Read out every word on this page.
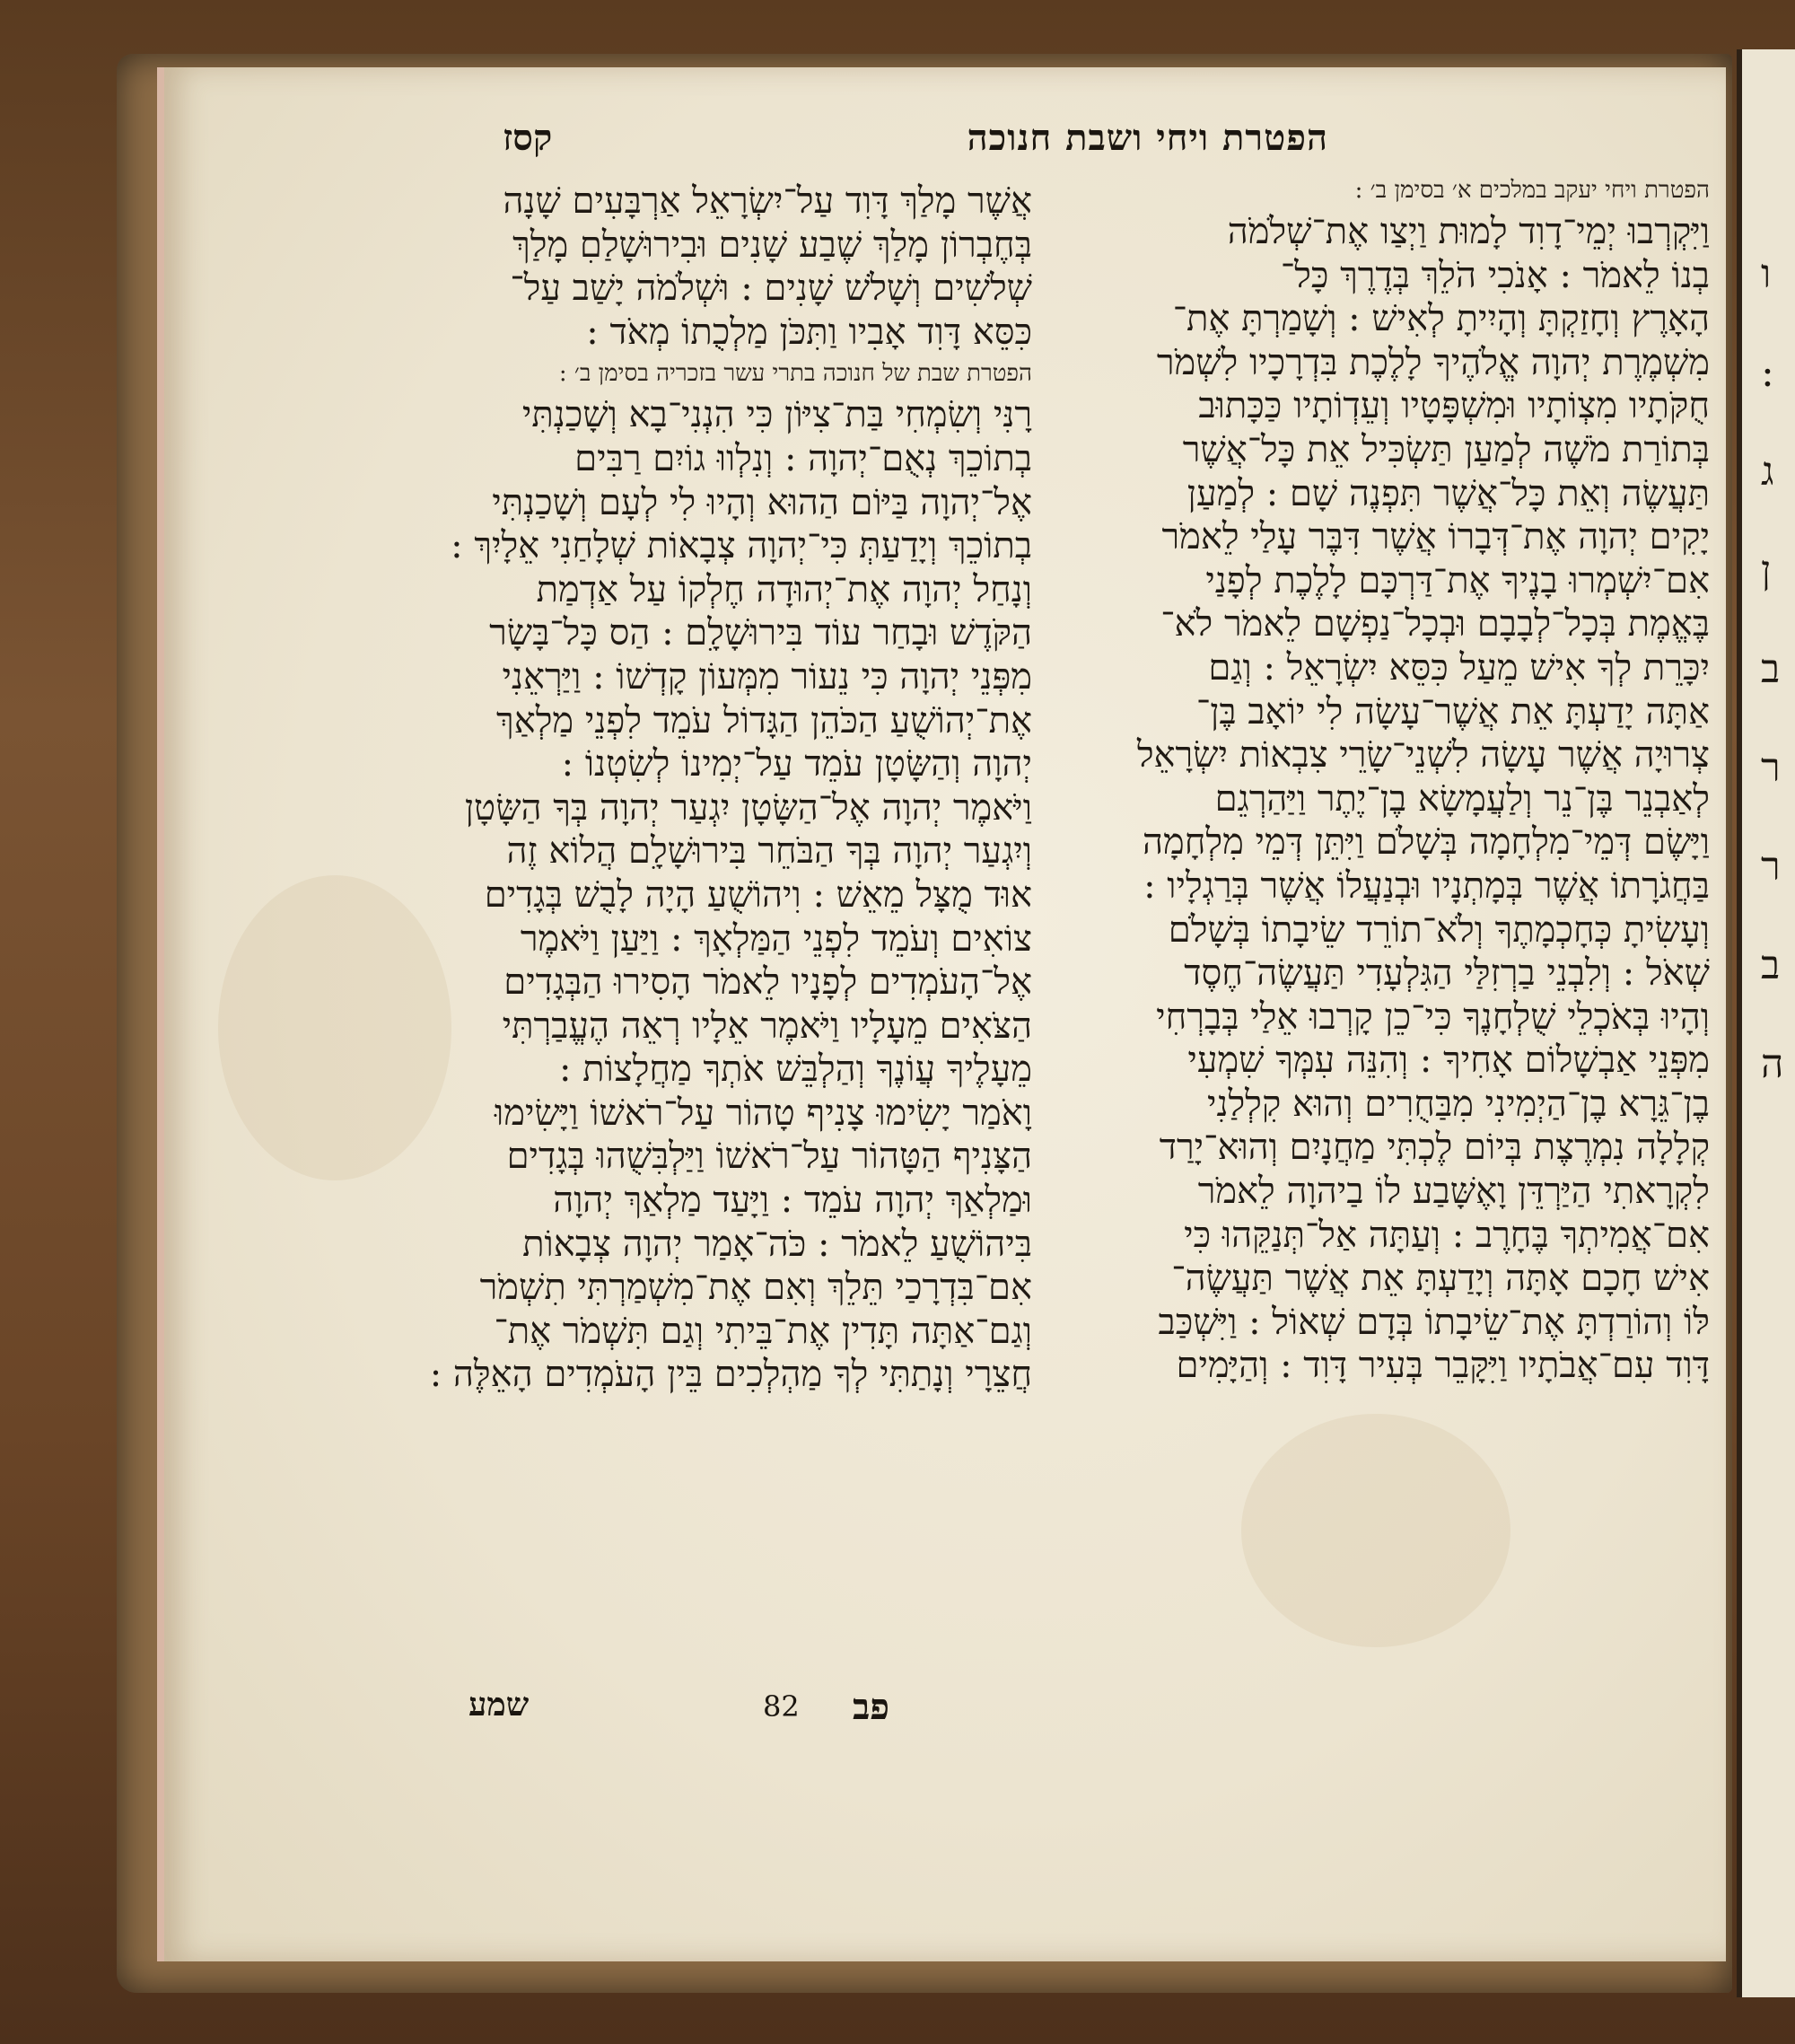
ו
:
ג
ן
ב
ר
ר
ב
ה
הפטרת ויחי ושבת חנוכה
קסז
הפטרת ויחי יעקב במלכים א׳ בסימן ב׳ :
וַיִּקְרְבוּ יְמֵי־דָוִד לָמוּת וַיְצַו אֶת־שְׁלֹמֹה
בְנוֹ לֵאמֹר : אָנֹכִי הֹלֵךְ בְּדֶרֶךְ כָּל־
הָאָרֶץ וְחָזַקְתָּ וְהָיִיתָ לְאִישׁ : וְשָׁמַרְתָּ אֶת־
מִשְׁמֶרֶת יְהוָה אֱלֹהֶיךָ לָלֶכֶת בִּדְרָכָיו לִשְׁמֹר
חֻקֹּתָיו מִצְוֹתָיו וּמִשְׁפָּטָיו וְעֵדְוֹתָיו כַּכָּתוּב
בְּתוֹרַת מֹשֶׁה לְמַעַן תַּשְׂכִּיל אֵת כָּל־אֲשֶׁר
תַּעֲשֶׂה וְאֵת כָּל־אֲשֶׁר תִּפְנֶה שָׁם : לְמַעַן
יָקִים יְהוָה אֶת־דְּבָרוֹ אֲשֶׁר דִּבֶּר עָלַי לֵאמֹר
אִם־יִשְׁמְרוּ בָנֶיךָ אֶת־דַּרְכָּם לָלֶכֶת לְפָנַי
בֶּאֱמֶת בְּכָל־לְבָבָם וּבְכָל־נַפְשָׁם לֵאמֹר לֹא־
יִכָּרֵת לְךָ אִישׁ מֵעַל כִּסֵּא יִשְׂרָאֵל : וְגַם
אַתָּה יָדַעְתָּ אֵת אֲשֶׁר־עָשָׂה לִי יוֹאָב בֶּן־
צְרוּיָה אֲשֶׁר עָשָׂה לִשְׁנֵי־שָׂרֵי צִבְאוֹת יִשְׂרָאֵל
לְאַבְנֵר בֶּן־נֵר וְלַעֲמָשָׂא בֶן־יֶתֶר וַיַּהַרְגֵם
וַיָּשֶׂם דְּמֵי־מִלְחָמָה בְּשָׁלֹם וַיִּתֵּן דְּמֵי מִלְחָמָה
בַּחֲגֹרָתוֹ אֲשֶׁר בְּמָתְנָיו וּבְנַעֲלוֹ אֲשֶׁר בְּרַגְלָיו :
וְעָשִׂיתָ כְּחָכְמָתֶךָ וְלֹא־תוֹרֵד שֵׂיבָתוֹ בְּשָׁלֹם
שְׁאֹל : וְלִבְנֵי בַרְזִלַּי הַגִּלְעָדִי תַּעֲשֶׂה־חֶסֶד
וְהָיוּ בְּאֹכְלֵי שֻׁלְחָנֶךָ כִּי־כֵן קָרְבוּ אֵלַי בְּבָרְחִי
מִפְּנֵי אַבְשָׁלוֹם אָחִיךָ : וְהִנֵּה עִמְּךָ שִׁמְעִי
בֶן־גֵּרָא בֶן־הַיְמִינִי מִבַּחֻרִים וְהוּא קִלְלַנִי
קְלָלָה נִמְרֶצֶת בְּיוֹם לֶכְתִּי מַחֲנָיִם וְהוּא־יָרַד
לִקְרָאתִי הַיַּרְדֵּן וָאֶשָּׁבַע לוֹ בַיהוָה לֵאמֹר
אִם־אֲמִיתְךָ בֶּחָרֶב : וְעַתָּה אַל־תְּנַקֵּהוּ כִּי
אִישׁ חָכָם אָתָּה וְיָדַעְתָּ אֵת אֲשֶׁר תַּעֲשֶׂה־
לּוֹ וְהוֹרַדְתָּ אֶת־שֵׂיבָתוֹ בְּדָם שְׁאוֹל : וַיִּשְׁכַּב
דָּוִד עִם־אֲבֹתָיו וַיִּקָּבֵר בְּעִיר דָּוִד : וְהַיָּמִים
אֲשֶׁר מָלַךְ דָּוִד עַל־יִשְׂרָאֵל אַרְבָּעִים שָׁנָה
בְּחֶבְרוֹן מָלַךְ שֶׁבַע שָׁנִים וּבִירוּשָׁלַםִ מָלַךְ
שְׁלֹשִׁים וְשָׁלֹשׁ שָׁנִים : וּשְׁלֹמֹה יָשַׁב עַל־
כִּסֵּא דָּוִד אָבִיו וַתִּכֹּן מַלְכֻתוֹ מְאֹד :
הפטרת שבת של חנוכה בתרי עשר בזכריה בסימן ב׳ :
רָנִּי וְשִׂמְחִי בַּת־צִיּוֹן כִּי הִנְנִי־בָא וְשָׁכַנְתִּי
בְתוֹכֵךְ נְאֻם־יְהוָה : וְנִלְווּ גוֹיִם רַבִּים
אֶל־יְהוָה בַּיּוֹם הַהוּא וְהָיוּ לִי לְעָם וְשָׁכַנְתִּי
בְתוֹכֵךְ וְיָדַעַתְּ כִּי־יְהוָה צְבָאוֹת שְׁלָחַנִי אֵלָיִךְ :
וְנָחַל יְהוָה אֶת־יְהוּדָה חֶלְקוֹ עַל אַדְמַת
הַקֹּדֶשׁ וּבָחַר עוֹד בִּירוּשָׁלִָם : הַס כָּל־בָּשָׂר
מִפְּנֵי יְהוָה כִּי נֵעוֹר מִמְּעוֹן קָדְשׁוֹ : וַיַּרְאֵנִי
אֶת־יְהוֹשֻׁעַ הַכֹּהֵן הַגָּדוֹל עֹמֵד לִפְנֵי מַלְאַךְ
יְהוָה וְהַשָּׂטָן עֹמֵד עַל־יְמִינוֹ לְשִׂטְנוֹ :
וַיֹּאמֶר יְהוָה אֶל־הַשָּׂטָן יִגְעַר יְהוָה בְּךָ הַשָּׂטָן
וְיִגְעַר יְהוָה בְּךָ הַבֹּחֵר בִּירוּשָׁלִָם הֲלוֹא זֶה
אוּד מֻצָּל מֵאֵשׁ : וִיהוֹשֻׁעַ הָיָה לָבֻשׁ בְּגָדִים
צוֹאִים וְעֹמֵד לִפְנֵי הַמַּלְאָךְ : וַיַּעַן וַיֹּאמֶר
אֶל־הָעֹמְדִים לְפָנָיו לֵאמֹר הָסִירוּ הַבְּגָדִים
הַצֹּאִים מֵעָלָיו וַיֹּאמֶר אֵלָיו רְאֵה הֶעֱבַרְתִּי
מֵעָלֶיךָ עֲוֹנֶךָ וְהַלְבֵּשׁ אֹתְךָ מַחֲלָצוֹת :
וָאֹמַר יָשִׂימוּ צָנִיף טָהוֹר עַל־רֹאשׁוֹ וַיָּשִׂימוּ
הַצָּנִיף הַטָּהוֹר עַל־רֹאשׁוֹ וַיַּלְבִּשֻׁהוּ בְּגָדִים
וּמַלְאַךְ יְהוָה עֹמֵד : וַיָּעַד מַלְאַךְ יְהוָה
בִּיהוֹשֻׁעַ לֵאמֹר : כֹּה־אָמַר יְהוָה צְבָאוֹת
אִם־בִּדְרָכַי תֵּלֵךְ וְאִם אֶת־מִשְׁמַרְתִּי תִשְׁמֹר
וְגַם־אַתָּה תָּדִין אֶת־בֵּיתִי וְגַם תִּשְׁמֹר אֶת־
חֲצֵרָי וְנָתַתִּי לְךָ מַהְלְכִים בֵּין הָעֹמְדִים הָאֵלֶּה :
שמע	82 פב
